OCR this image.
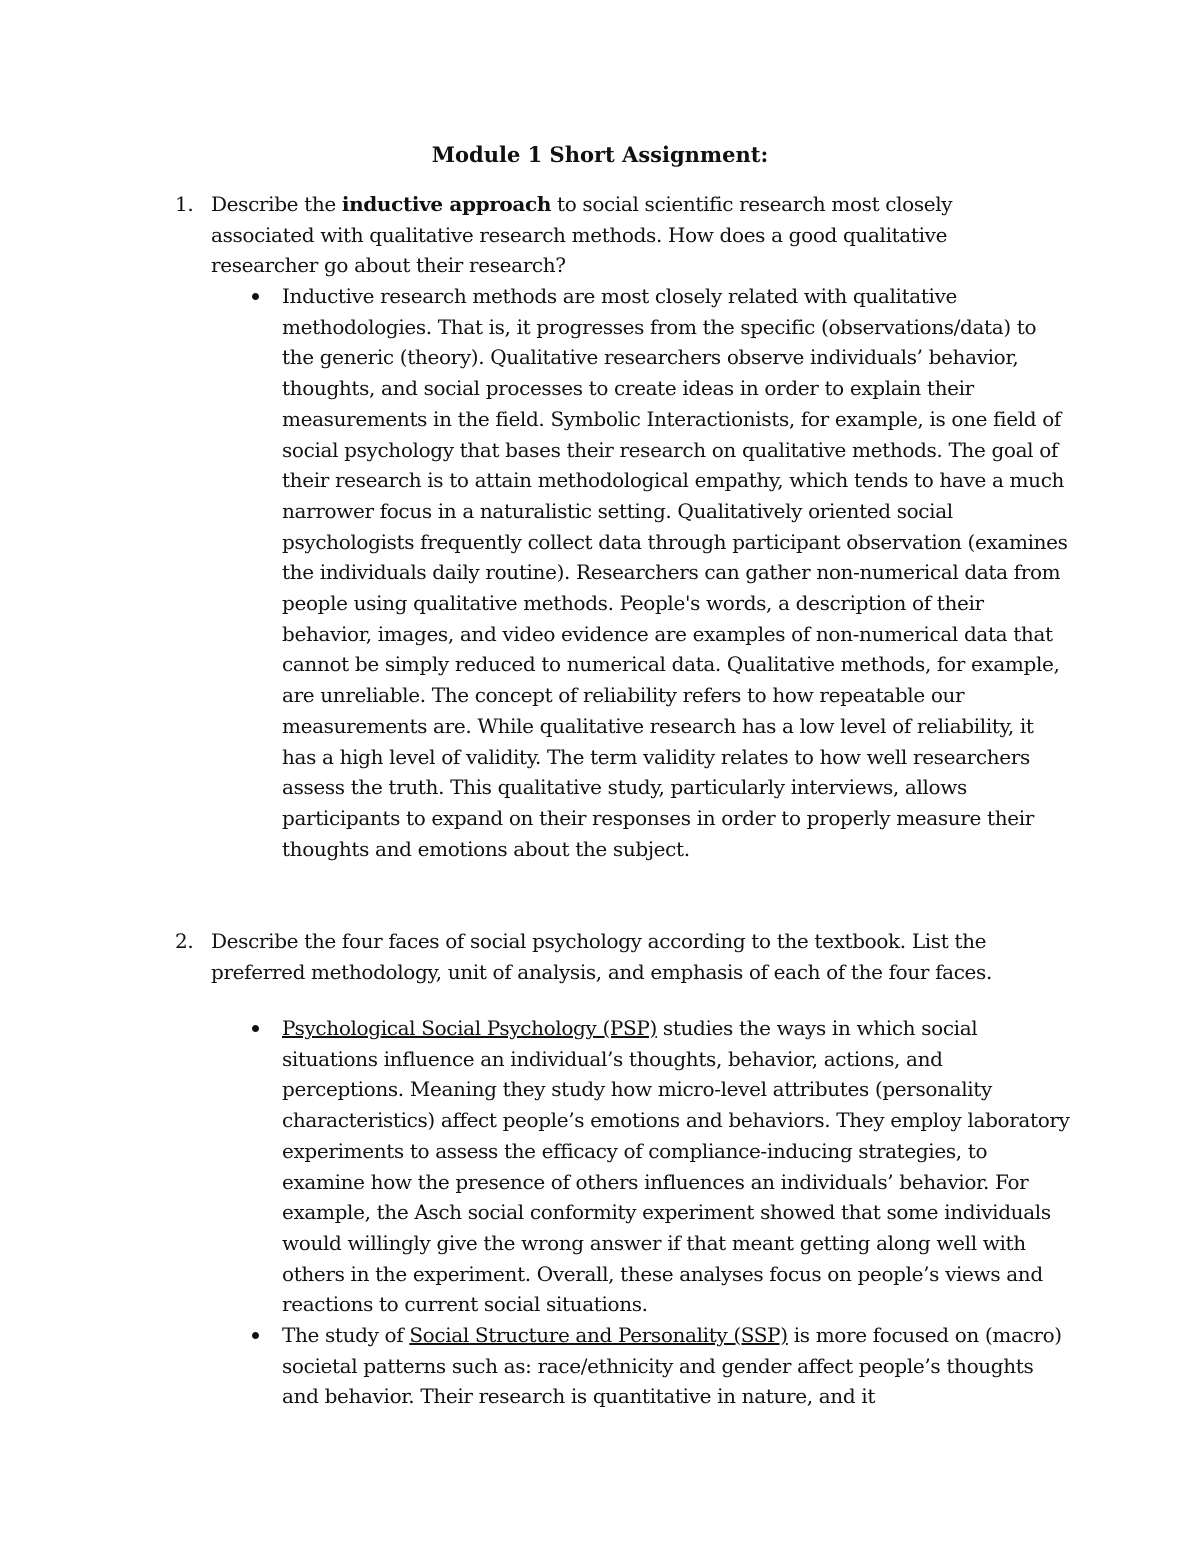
Module 1 Short Assignment:
1. Describe the inductive approach to social scientific research most closely associated with qualitative research methods. How does a good qualitative researcher go about their research?
Inductive research methods are most closely related with qualitative methodologies. That is, it progresses from the specific (observations/data) to the generic (theory). Qualitative researchers observe individuals’ behavior, thoughts, and social processes to create ideas in order to explain their measurements in the field. Symbolic Interactionists, for example, is one field of social psychology that bases their research on qualitative methods. The goal of their research is to attain methodological empathy, which tends to have a much narrower focus in a naturalistic setting. Qualitatively oriented social psychologists frequently collect data through participant observation (examines the individuals daily routine). Researchers can gather non-numerical data from people using qualitative methods. People's words, a description of their behavior, images, and video evidence are examples of non-numerical data that cannot be simply reduced to numerical data. Qualitative methods, for example, are unreliable. The concept of reliability refers to how repeatable our measurements are. While qualitative research has a low level of reliability, it has a high level of validity. The term validity relates to how well researchers assess the truth. This qualitative study, particularly interviews, allows participants to expand on their responses in order to properly measure their thoughts and emotions about the subject.
2. Describe the four faces of social psychology according to the textbook. List the preferred methodology, unit of analysis, and emphasis of each of the four faces.
Psychological Social Psychology (PSP) studies the ways in which social situations influence an individual’s thoughts, behavior, actions, and perceptions. Meaning they study how micro-level attributes (personality characteristics) affect people’s emotions and behaviors. They employ laboratory experiments to assess the efficacy of compliance-inducing strategies, to examine how the presence of others influences an individuals’ behavior. For example, the Asch social conformity experiment showed that some individuals would willingly give the wrong answer if that meant getting along well with others in the experiment. Overall, these analyses focus on people’s views and reactions to current social situations.
The study of Social Structure and Personality (SSP) is more focused on (macro) societal patterns such as: race/ethnicity and gender affect people’s thoughts and behavior. Their research is quantitative in nature, and it
